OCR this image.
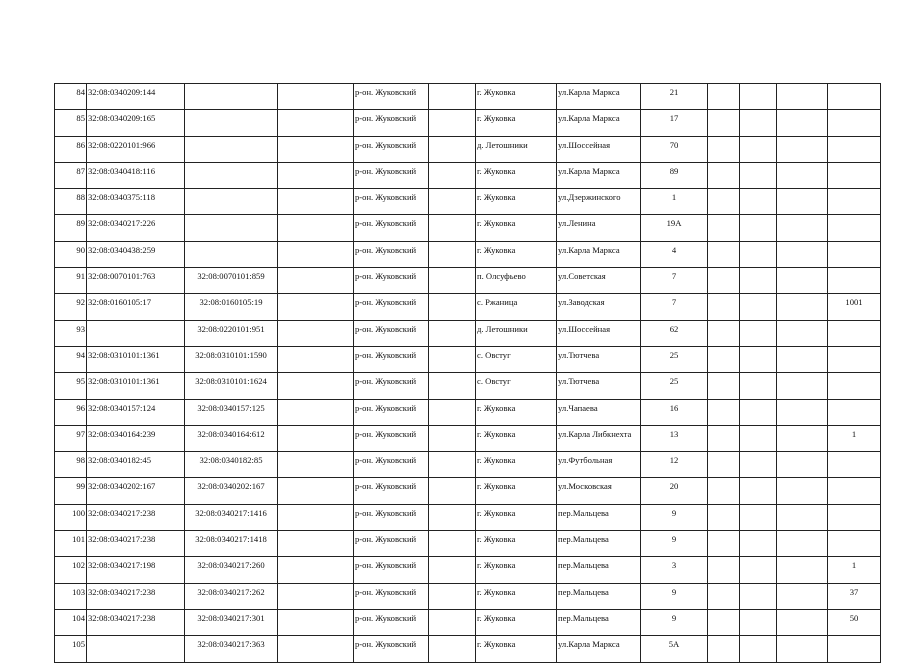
84	32:08:0340209:144			р-он. Жуковский		г. Жуковка	ул.Карла Маркса	21				
85	32:08:0340209:165			р-он. Жуковский		г. Жуковка	ул.Карла Маркса	17				
86	32:08:0220101:966			р-он. Жуковский		д. Летошники	ул.Шоссейная	70				
87	32:08:0340418:116			р-он. Жуковский		г. Жуковка	ул.Карла Маркса	89				
88	32:08:0340375:118			р-он. Жуковский		г. Жуковка	ул.Дзержинского	1				
89	32:08:0340217:226			р-он. Жуковский		г. Жуковка	ул.Ленина	19А				
90	32:08:0340438:259			р-он. Жуковский		г. Жуковка	ул.Карла Маркса	4				
91	32:08:0070101:763	32:08:0070101:859		р-он. Жуковский		п. Олсуфьево	ул.Советская	7				
92	32:08:0160105:17	32:08:0160105:19		р-он. Жуковский		с. Ржаница	ул.Заводская	7				1001
93		32:08:0220101:951		р-он. Жуковский		д. Летошники	ул.Шоссейная	62				
94	32:08:0310101:1361	32:08:0310101:1590		р-он. Жуковский		с. Овстуг	ул.Тютчева	25				
95	32:08:0310101:1361	32:08:0310101:1624		р-он. Жуковский		с. Овстуг	ул.Тютчева	25				
96	32:08:0340157:124	32:08:0340157:125		р-он. Жуковский		г. Жуковка	ул.Чапаева	16				
97	32:08:0340164:239	32:08:0340164:612		р-он. Жуковский		г. Жуковка	ул.Карла Либкнехта	13				1
98	32:08:0340182:45	32:08:0340182:85		р-он. Жуковский		г. Жуковка	ул.Футбольная	12				
99	32:08:0340202:167	32:08:0340202:167		р-он. Жуковский		г. Жуковка	ул.Московская	20				
100	32:08:0340217:238	32:08:0340217:1416		р-он. Жуковский		г. Жуковка	пер.Мальцева	9				
101	32:08:0340217:238	32:08:0340217:1418		р-он. Жуковский		г. Жуковка	пер.Мальцева	9				
102	32:08:0340217:198	32:08:0340217:260		р-он. Жуковский		г. Жуковка	пер.Мальцева	3				1
103	32:08:0340217:238	32:08:0340217:262		р-он. Жуковский		г. Жуковка	пер.Мальцева	9				37
104	32:08:0340217:238	32:08:0340217:301		р-он. Жуковский		г. Жуковка	пер.Мальцева	9				50
105		32:08:0340217:363		р-он. Жуковский		г. Жуковка	ул.Карла Маркса	5А				
